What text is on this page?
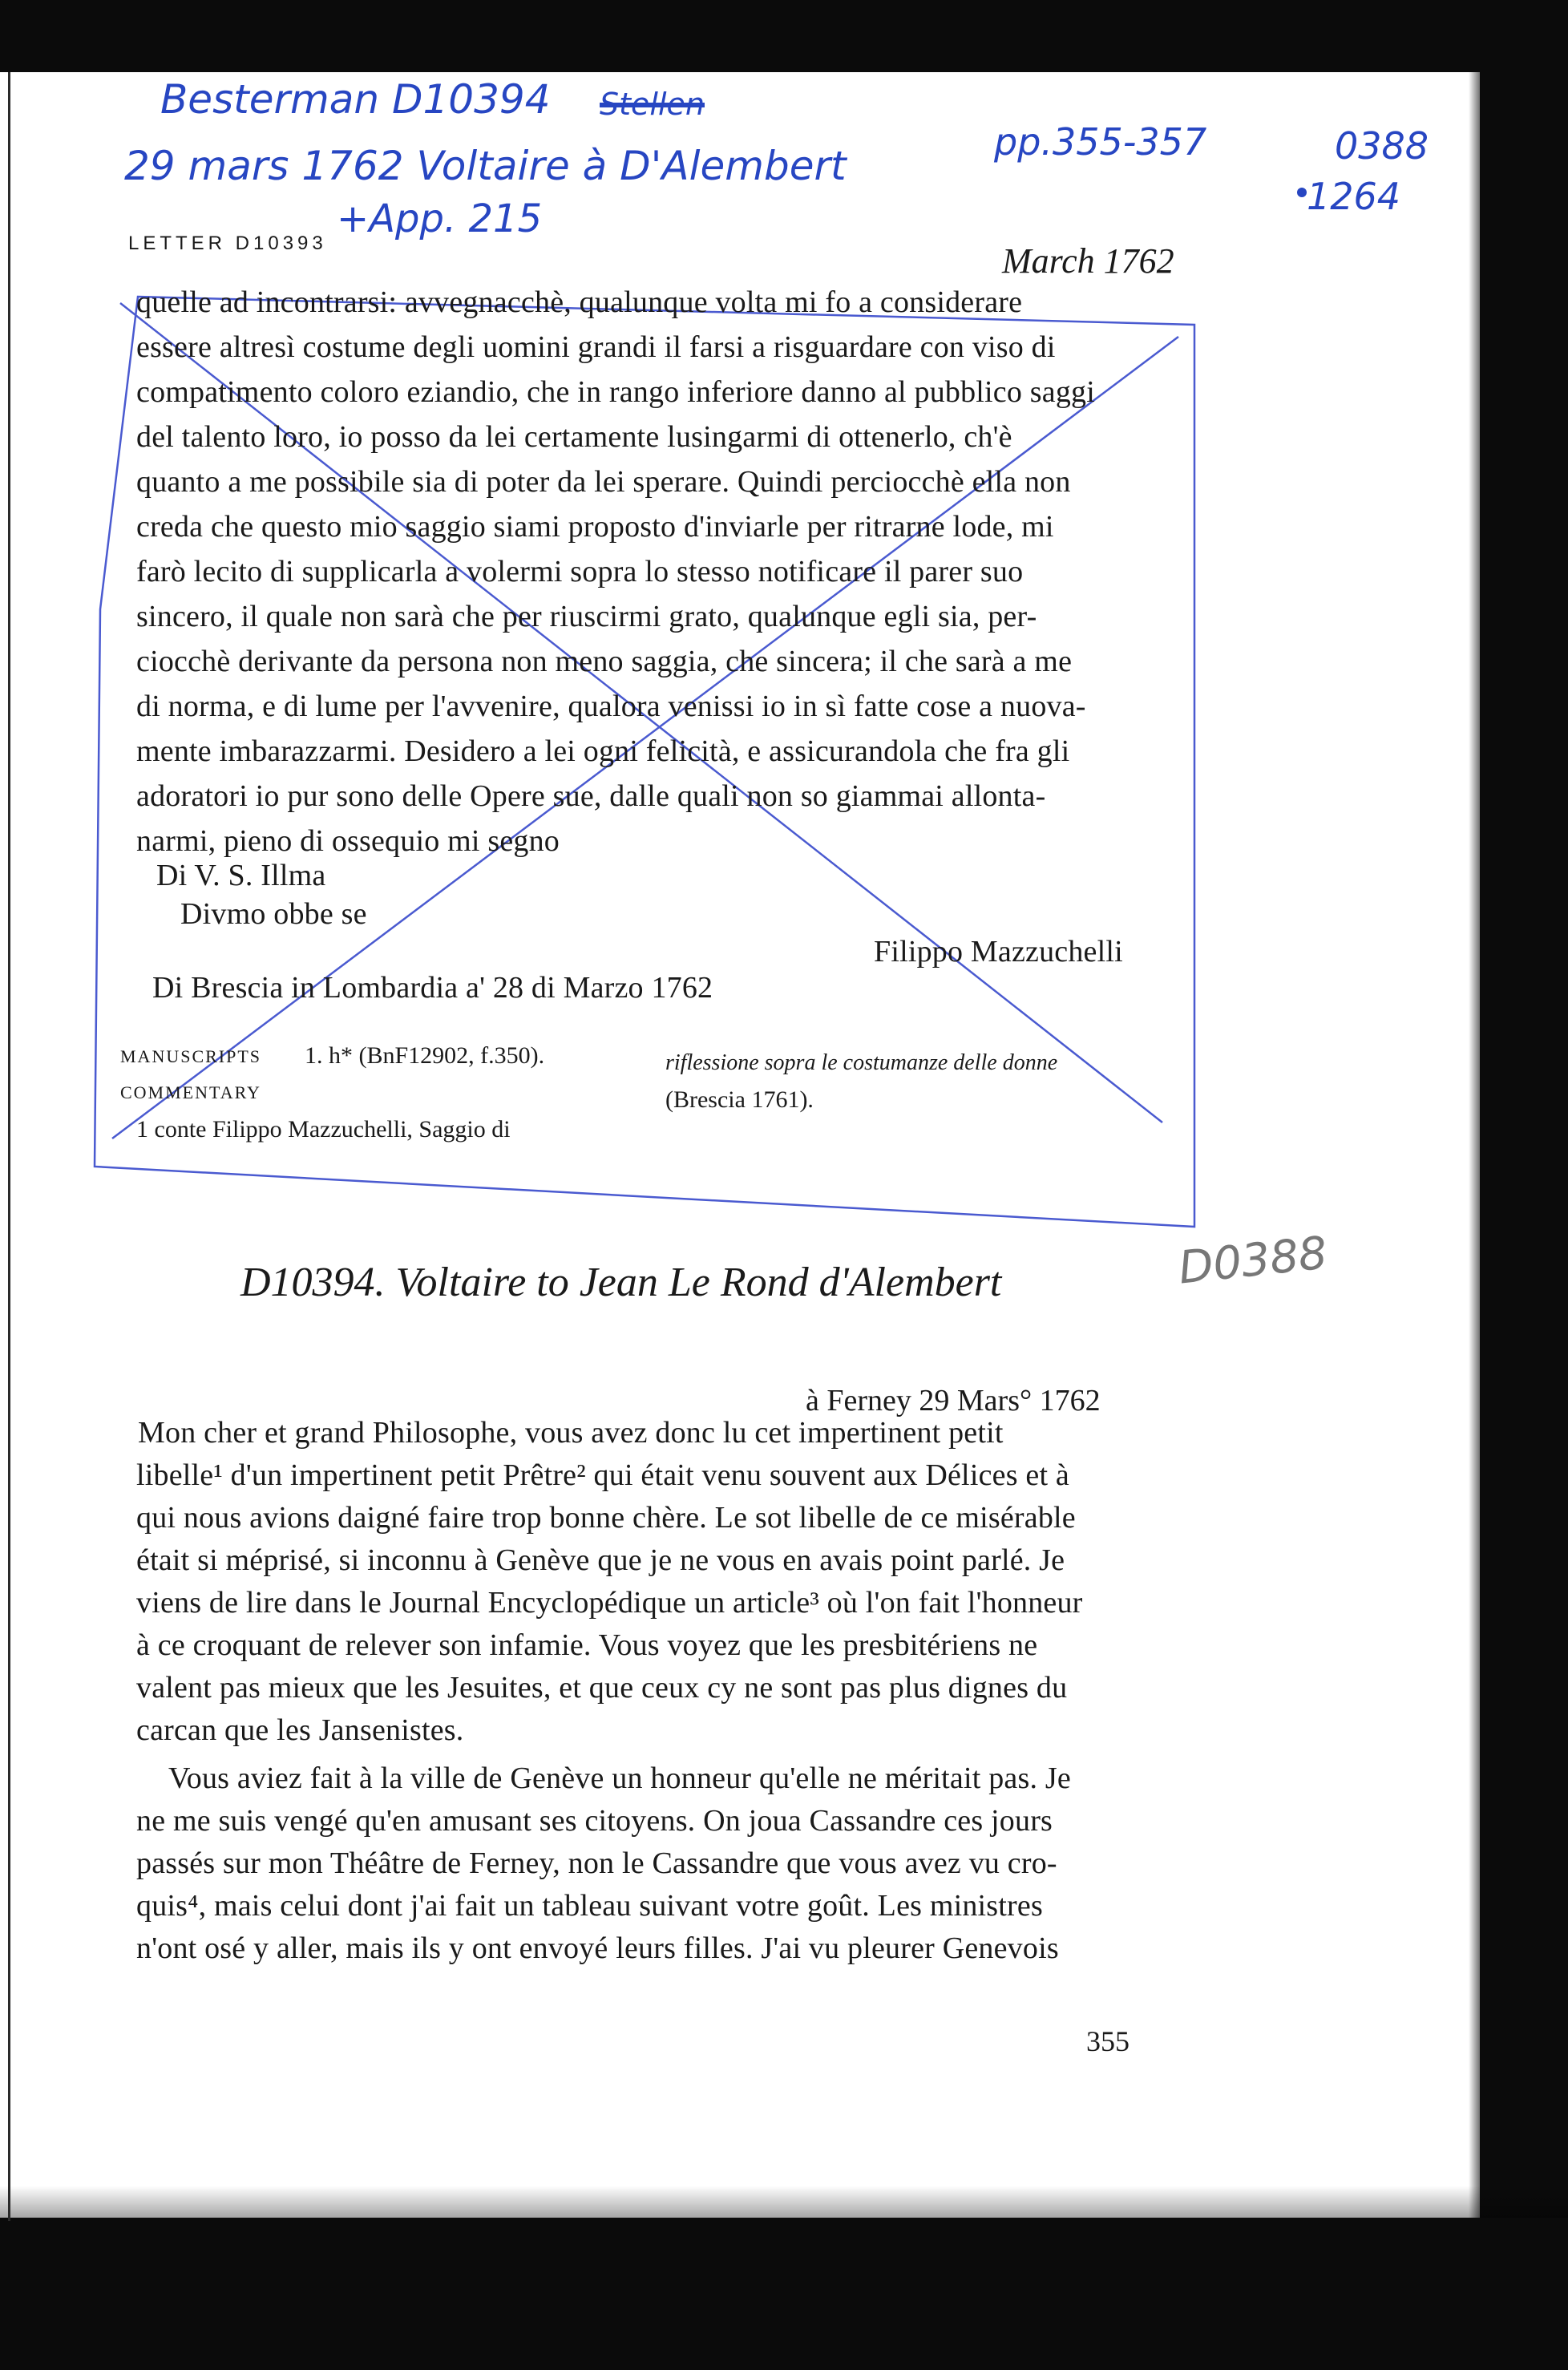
Besterman D10394 Stellen
29 mars 1762 Voltaire à D'Alembert
+App. 215
pp.355-357	0388
1264
D0388
LETTER D10393	March 1762
quelle ad incontrarsi: avvegnacchè, qualunque volta mi fo a considerare
essere altresì costume degli uomini grandi il farsi a risguardare con viso di
compatimento coloro eziandio, che in rango inferiore danno al pubblico saggi
del talento loro, io posso da lei certamente lusingarmi di ottenerlo, ch'è
quanto a me possibile sia di poter da lei sperare. Quindi perciocchè ella non
creda che questo mio saggio siami proposto d'inviarle per ritrarne lode, mi
farò lecito di supplicarla a volermi sopra lo stesso notificare il parer suo
sincero, il quale non sarà che per riuscirmi grato, qualunque egli sia, per-
ciocchè derivante da persona non meno saggia, che sincera; il che sarà a me
di norma, e di lume per l'avvenire, qualora venissi io in sì fatte cose a nuova-
mente imbarazzarmi. Desidero a lei ogni felicità, e assicurandola che fra gli
adoratori io pur sono delle Opere sue, dalle quali non so giammai allonta-
narmi, pieno di ossequio mi segno
Di V. S. Illma
Divmo obbe se
Filippo Mazzuchelli
Di Brescia in Lombardia a' 28 di Marzo 1762
MANUSCRIPTS 1. h* (BnF12902, f.350).
COMMENTARY
1 conte Filippo Mazzuchelli, Saggio di
riflessione sopra le costumanze delle donne
(Brescia 1761).
D10394. Voltaire to Jean Le Rond d'Alembert
à Ferney 29 Mars° 1762
Mon cher et grand Philosophe, vous avez donc lu cet impertinent petit
libelle¹ d'un impertinent petit Prêtre² qui était venu souvent aux Délices et à
qui nous avions daigné faire trop bonne chère. Le sot libelle de ce misérable
était si méprisé, si inconnu à Genève que je ne vous en avais point parlé. Je
viens de lire dans le Journal Encyclopédique un article³ où l'on fait l'honneur
à ce croquant de relever son infamie. Vous voyez que les presbitériens ne
valent pas mieux que les Jesuites, et que ceux cy ne sont pas plus dignes du
carcan que les Jansenistes.
Vous aviez fait à la ville de Genève un honneur qu'elle ne méritait pas. Je
ne me suis vengé qu'en amusant ses citoyens. On joua Cassandre ces jours
passés sur mon Théâtre de Ferney, non le Cassandre que vous avez vu cro-
quis⁴, mais celui dont j'ai fait un tableau suivant votre goût. Les ministres
n'ont osé y aller, mais ils y ont envoyé leurs filles. J'ai vu pleurer Genevois
355
